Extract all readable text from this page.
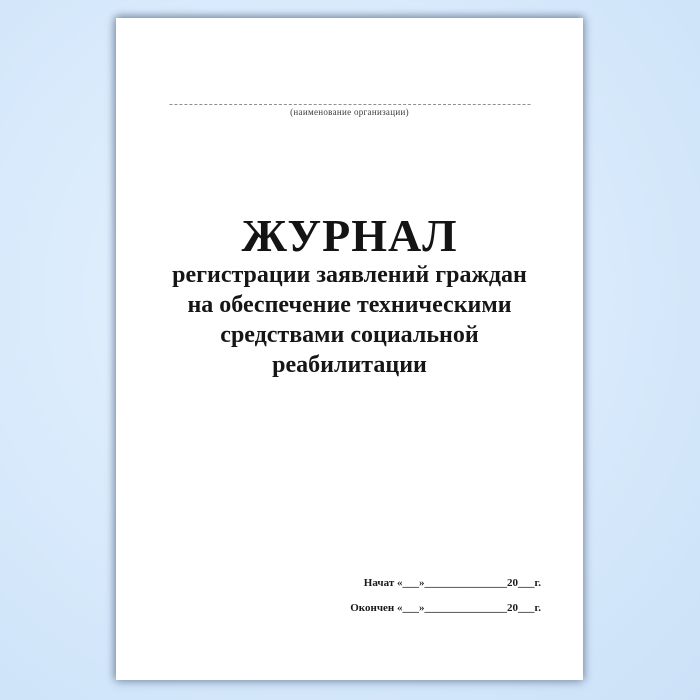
(наименование организации)
ЖУРНАЛ
регистрации заявлений граждан
на обеспечение техническими
средствами социальной
реабилитации
Начат «___»_______________20___г.
Окончен «___»_______________20___г.
